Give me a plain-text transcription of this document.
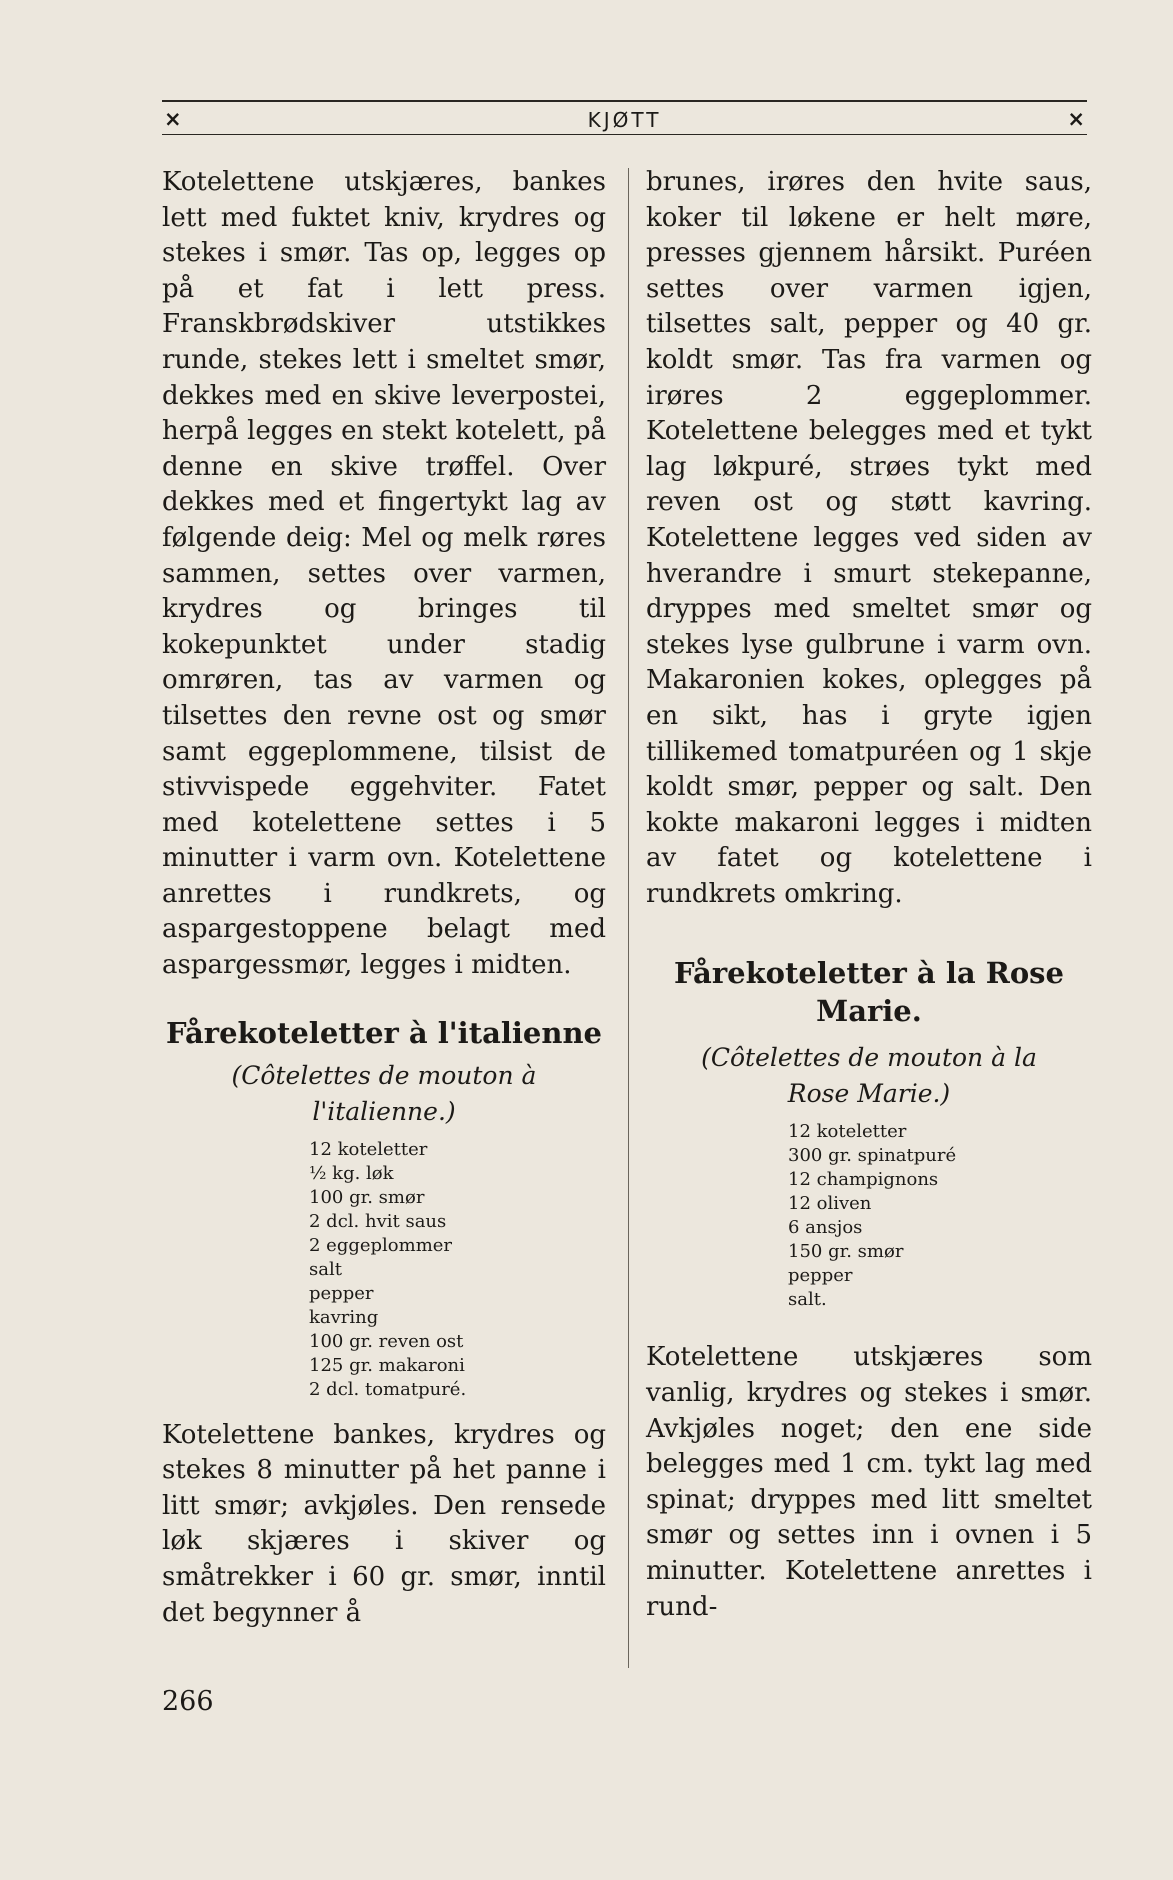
×	KJØTT	×

Kotelettene utskjæres, bankes lett med fuktet kniv, krydres og stekes i smør. Tas op, legges op på et fat i lett press. Franskbrødskiver utstikkes runde, stekes lett i smeltet smør, dekkes med en skive leverpostei, herpå legges en stekt kotelett, på denne en skive trøffel. Over dekkes med et fingertykt lag av følgende deig: Mel og melk røres sammen, settes over varmen, krydres og bringes til kokepunktet under stadig omrøren, tas av varmen og tilsettes den revne ost og smør samt eggeplommene, tilsist de stivvispede eggehviter. Fatet med kotelettene settes i 5 minutter i varm ovn. Kotelettene anrettes i rundkrets, og aspargestoppene belagt med aspargessmør, legges i midten.

Fårekoteletter à l'italienne

(Côtelettes de mouton à l'italienne.)

12 koteletter
½ kg. løk
100 gr. smør
2 dcl. hvit saus
2 eggeplommer
salt
pepper
kavring
100 gr. reven ost
125 gr. makaroni
2 dcl. tomatpuré.

Kotelettene bankes, krydres og stekes 8 minutter på het panne i litt smør; avkjøles. Den rensede løk skjæres i skiver og småtrekker i 60 gr. smør, inntil det begynner å

brunes, irøres den hvite saus, koker til løkene er helt møre, presses gjennem hårsikt. Puréen settes over varmen igjen, tilsettes salt, pepper og 40 gr. koldt smør. Tas fra varmen og irøres 2 eggeplommer. Kotelettene belegges med et tykt lag løkpuré, strøes tykt med reven ost og støtt kavring. Kotelettene legges ved siden av hverandre i smurt stekepanne, dryppes med smeltet smør og stekes lyse gulbrune i varm ovn. Makaronien kokes, oplegges på en sikt, has i gryte igjen tillikemed tomatpuréen og 1 skje koldt smør, pepper og salt. Den kokte makaroni legges i midten av fatet og kotelettene i rundkrets omkring.

Fårekoteletter à la Rose Marie.

(Côtelettes de mouton à la Rose Marie.)

12 koteletter
300 gr. spinatpuré
12 champignons
12 oliven
6 ansjos
150 gr. smør
pepper
salt.

Kotelettene utskjæres som vanlig, krydres og stekes i smør. Avkjøles noget; den ene side belegges med 1 cm. tykt lag med spinat; dryppes med litt smeltet smør og settes inn i ovnen i 5 minutter. Kotelettene anrettes i rund-

266
